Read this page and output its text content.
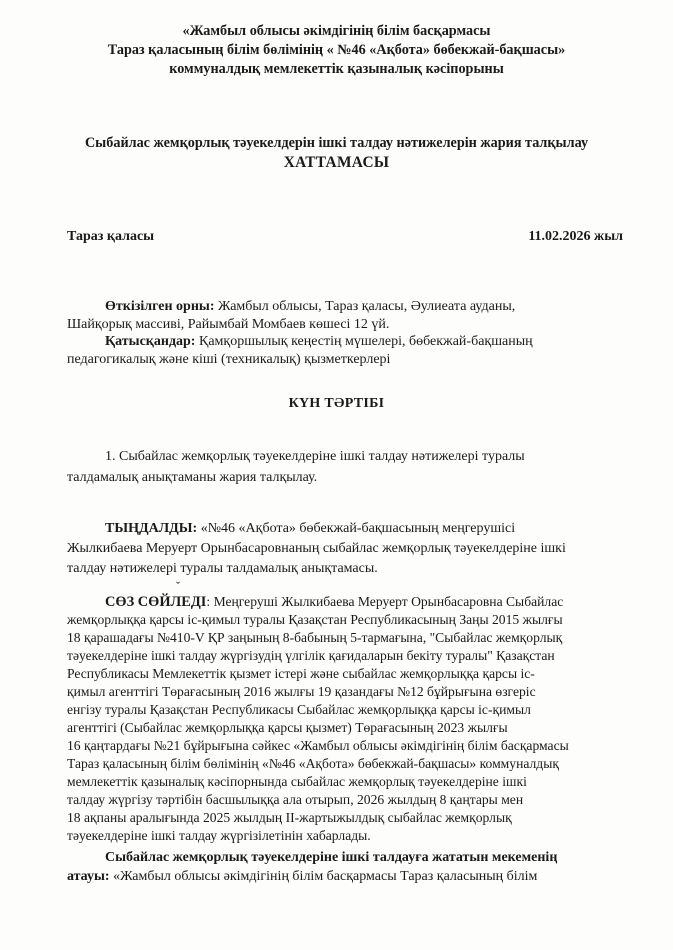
«Жамбыл облысы әкімдігінің білім басқармасы
Тараз қаласының білім бөлімінің « №46 «Ақбота» бөбекжай-бақшасы»
коммуналдық мемлекеттік қазыналық кәсіпорыны
Сыбайлас жемқорлық тәуекелдерін ішкі талдау нәтижелерін жария талқылау
ХАТТАМАСЫ
Тараз қаласы	11.02.2026 жыл
Өткізілген орны: Жамбыл облысы, Тараз қаласы, Әулиеата ауданы,
Шайқорық массиві, Райымбай Момбаев көшесі 12 үй.
Қатысқандар: Қамқоршылық кеңестің мүшелері, бөбекжай-бақшаның
педагогикалық және кіші (техникалық) қызметкерлері
КҮН ТӘРТІБІ
1. Сыбайлас жемқорлық тәуекелдеріне ішкі талдау нәтижелері туралы
талдамалық анықтаманы жария талқылау.
ТЫҢДАЛДЫ: «№46 «Ақбота» бөбекжай-бақшасының меңгерушісі
Жылкибаева Меруерт Орынбасаровнаның сыбайлас жемқорлық тәуекелдеріне ішкі
талдау нәтижелері туралы талдамалық анықтамасы.
ˇ
СӨЗ СӨЙЛЕДІ: Меңгеруші Жылкибаева Меруерт Орынбасаровна Сыбайлас
жемқорлыққа қарсы іс-қимыл туралы Қазақстан Республикасының Заңы 2015 жылғы
18 қарашадағы №410-V ҚР заңының 8-бабының 5-тармағына, "Сыбайлас жемқорлық
тәуекелдеріне ішкі талдау жүргізудің үлгілік қағидаларын бекіту туралы" Қазақстан
Республикасы Мемлекеттік қызмет істері және сыбайлас жемқорлыққа қарсы іс-
қимыл агенттігі Төрағасының 2016 жылғы 19 қазандағы №12 бұйрығына өзгеріс
енгізу туралы Қазақстан Республикасы Сыбайлас жемқорлыққа қарсы іс-қимыл
агенттігі (Сыбайлас жемқорлыққа қарсы қызмет) Төрағасының 2023 жылғы
16 қаңтардағы №21 бұйрығына сәйкес «Жамбыл облысы әкімдігінің білім басқармасы
Тараз қаласының білім бөлімінің «№46 «Ақбота» бөбекжай-бақшасы» коммуналдық
мемлекеттік қазыналық кәсіпорнында сыбайлас жемқорлық тәуекелдеріне ішкі
талдау жүргізу тәртібін басшылыққа ала отырып, 2026 жылдың 8 қаңтары мен
18 ақпаны аралығында 2025 жылдың ІІ-жартыжылдық сыбайлас жемқорлық
тәуекелдеріне ішкі талдау жүргізілетінін хабарлады.
Сыбайлас жемқорлық тәуекелдеріне ішкі талдауға жататын мекеменің
атауы: «Жамбыл облысы әкімдігінің білім басқармасы Тараз қаласының білім
